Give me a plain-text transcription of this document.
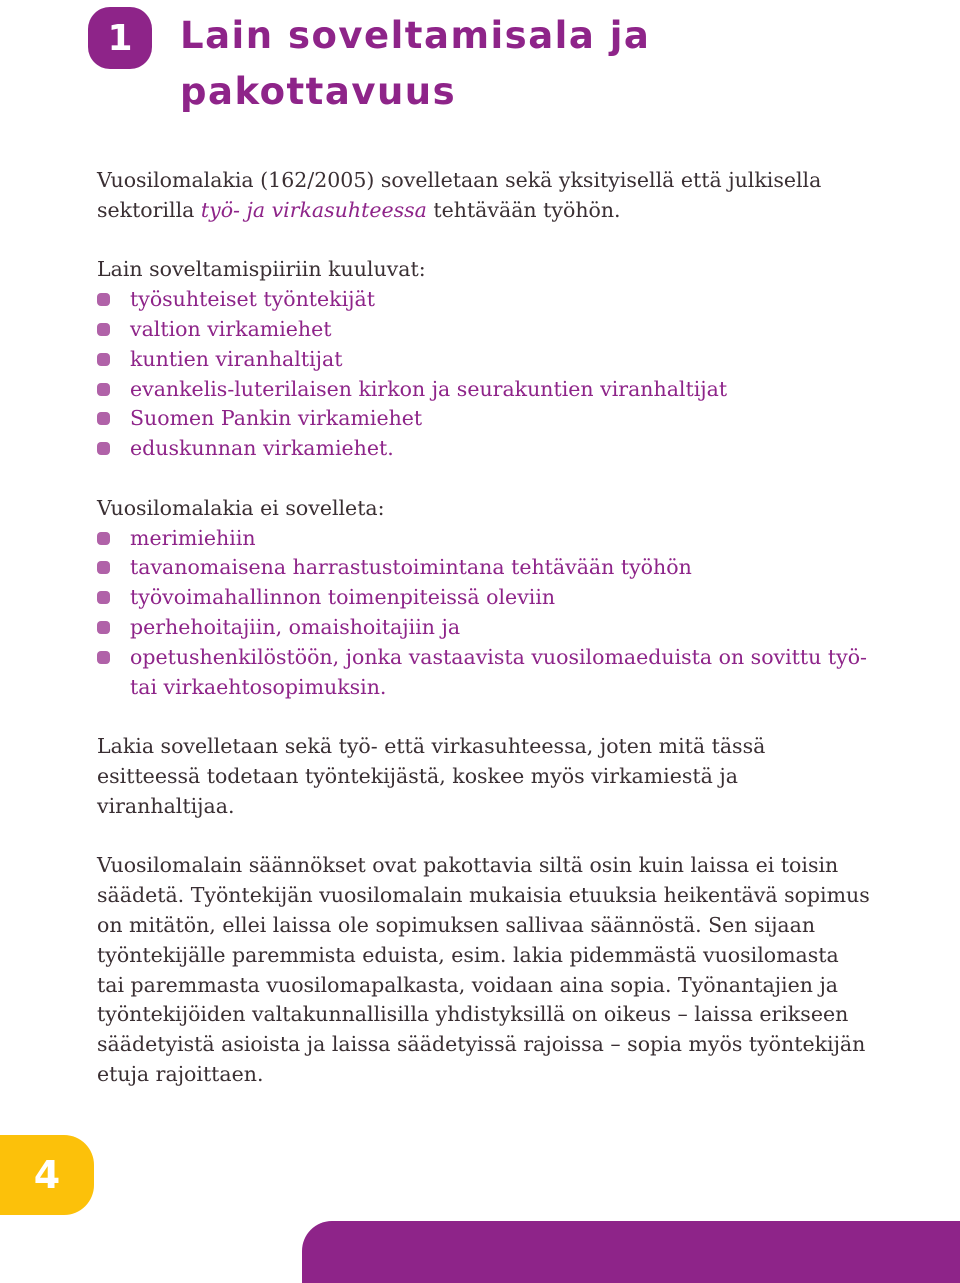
1	Lain soveltamisala ja pakottavuus

Vuosilomalakia (162/2005) sovelletaan sekä yksityisellä että julkisella sektorilla työ- ja virkasuhteessa tehtävään työhön.

Lain soveltamispiiriin kuuluvat:

työsuhteiset työntekijät
valtion virkamiehet
kuntien viranhaltijat
evankelis-luterilaisen kirkon ja seurakuntien viranhaltijat
Suomen Pankin virkamiehet
eduskunnan virkamiehet.

Vuosilomalakia ei sovelleta:

merimiehiin
tavanomaisena harrastustoimintana tehtävään työhön
työvoimahallinnon toimenpiteissä oleviin
perhehoitajiin, omaishoitajiin ja
opetushenkilöstöön, jonka vastaavista vuosilomaeduista on sovittu työ- tai virkaehtosopimuksin.

Lakia sovelletaan sekä työ- että virkasuhteessa, joten mitä tässä esitteessä todetaan työntekijästä, koskee myös virkamiestä ja viranhaltijaa.

Vuosilomalain säännökset ovat pakottavia siltä osin kuin laissa ei toisin säädetä. Työntekijän vuosilomalain mukaisia etuuksia heikentävä sopimus on mitätön, ellei laissa ole sopimuksen sallivaa säännöstä. Sen sijaan työntekijälle paremmista eduista, esim. lakia pidemmästä vuosilomasta tai paremmasta vuosilomapalkasta, voidaan aina sopia. Työnantajien ja työntekijöiden valtakunnallisilla yhdistyksillä on oikeus – laissa erikseen säädetyistä asioista ja laissa säädetyissä rajoissa – sopia myös työntekijän etuja rajoittaen.

4
